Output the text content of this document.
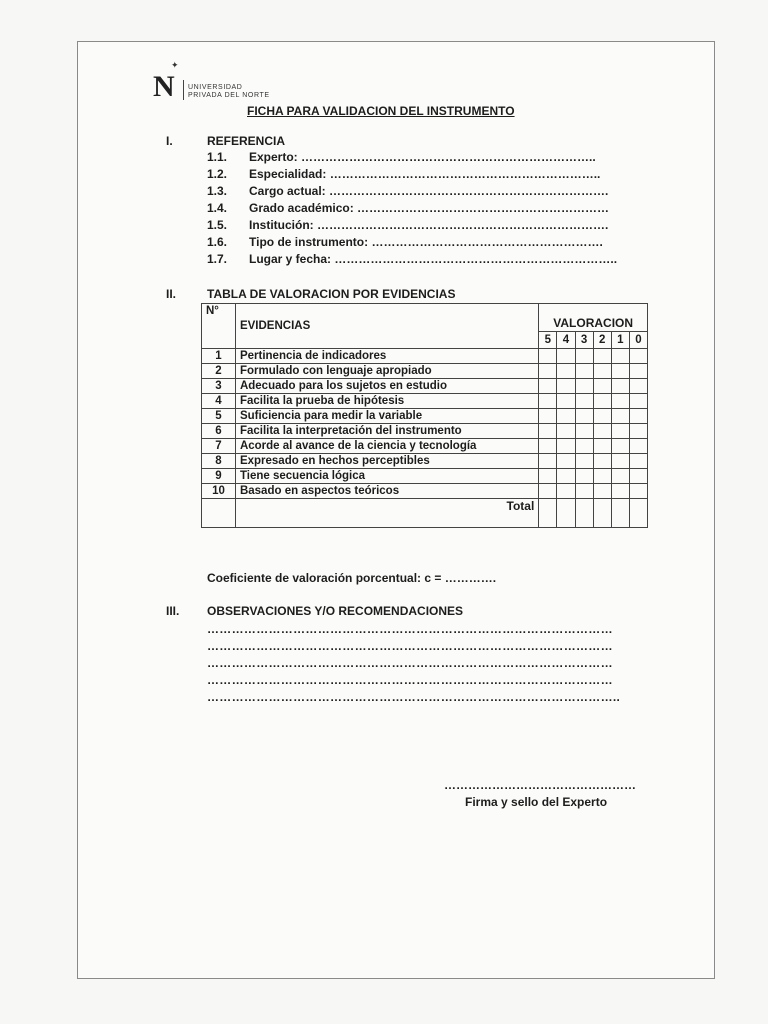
✦
N UNIVERSIDAD
PRIVADA DEL NORTE
FICHA PARA VALIDACION DEL INSTRUMENTO
I.	REFERENCIA
1.1. Experto: ………………………………………………………………..
1.2. Especialidad: …………………………………………………………..
1.3. Cargo actual: …………………………………………………………….
1.4. Grado académico: ………………………………………………………
1.5. Institución: ……………………………………………………………….
1.6. Tipo de instrumento: ………………………………………………….
1.7. Lugar y fecha: ……………………………………………………………..
II.	TABLA DE VALORACION POR EVIDENCIAS
N°	EVIDENCIAS	VALORACION					
		5	4	3	2	1	0
1	Pertinencia de indicadores						
2	Formulado con lenguaje apropiado						
3	Adecuado para los sujetos en estudio						
4	Facilita la prueba de hipótesis						
5	Suficiencia para medir la variable						
6	Facilita la interpretación del instrumento						
7	Acorde al avance de la ciencia y tecnología						
8	Expresado en hechos perceptibles						
9	Tiene secuencia lógica						
10	Basado en aspectos teóricos						
	Total						
Coeficiente de valoración porcentual: c = ………….
III. OBSERVACIONES Y/O RECOMENDACIONES
………………………………………………………………………………………
………………………………………………………………………………………
………………………………………………………………………………………
………………………………………………………………………………………
………………………………………………………………………………………..
…………………………………………
Firma y sello del Experto
